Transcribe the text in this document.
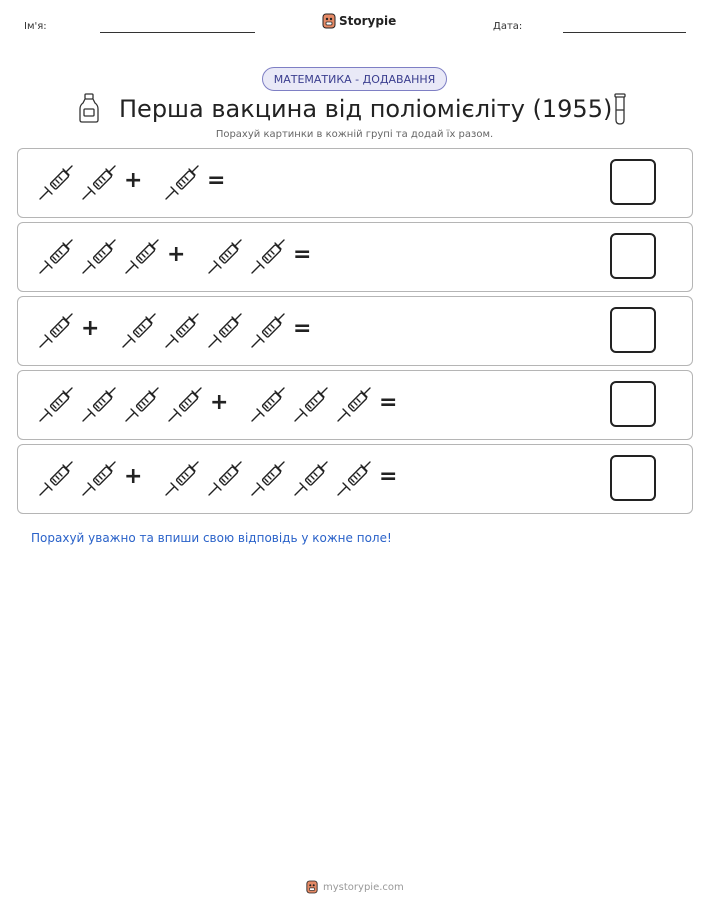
Ім'я:	Storypie	Дата:
МАТЕМАТИКА - ДОДАВАННЯ
Перша вакцина від поліомієліту (1955)
Порахуй картинки в кожній групі та додай їх разом.
+	=
+	=
+	=
+	=
+	=
Порахуй уважно та впиши свою відповідь у кожне поле!
mystorypie.com
